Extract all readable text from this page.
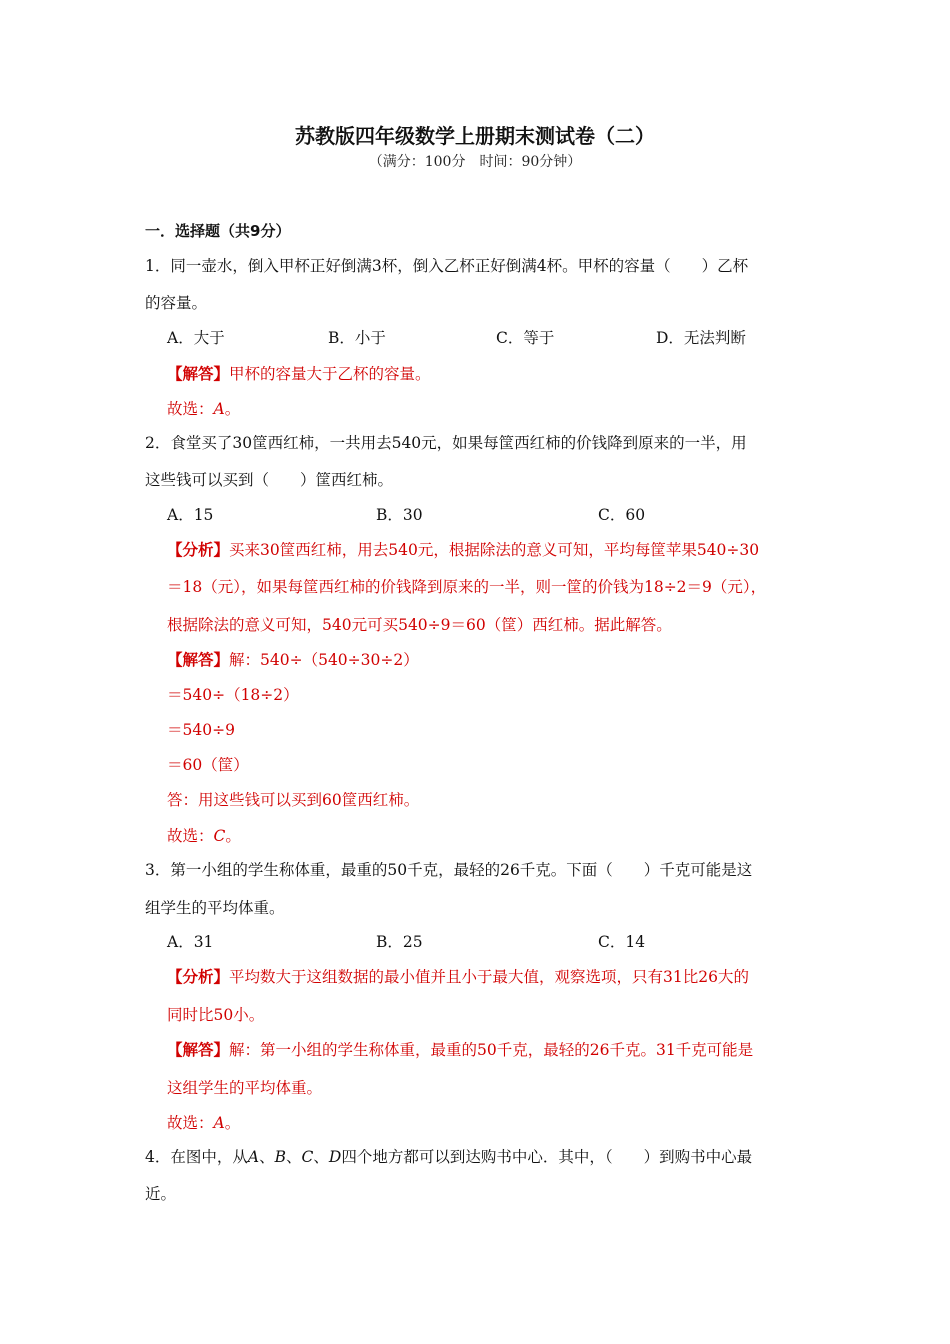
苏教版四年级数学上册期末测试卷（二）
（满分：100分　时间：90分钟）
一．选择题（共9分）
1．同一壶水，倒入甲杯正好倒满3杯，倒入乙杯正好倒满4杯。甲杯的容量（　　）乙杯
的容量。
A．大于	B．小于	C．等于	D．无法判断
【解答】甲杯的容量大于乙杯的容量。
故选：A。
2．食堂买了30筐西红柿，一共用去540元，如果每筐西红柿的价钱降到原来的一半，用
这些钱可以买到（　　）筐西红柿。
A．15	B．30	C．60
【分析】买来30筐西红柿，用去540元，根据除法的意义可知，平均每筐苹果540÷30
＝18（元），如果每筐西红柿的价钱降到原来的一半，则一筐的价钱为18÷2＝9（元），
根据除法的意义可知，540元可买540÷9＝60（筐）西红柿。据此解答。
【解答】解：540÷（540÷30÷2）
＝540÷（18÷2）
＝540÷9
＝60（筐）
答：用这些钱可以买到60筐西红柿。
故选：C。
3．第一小组的学生称体重，最重的50千克，最轻的26千克。下面（　　）千克可能是这
组学生的平均体重。
A．31	B．25	C．14
【分析】平均数大于这组数据的最小值并且小于最大值，观察选项，只有31比26大的
同时比50小。
【解答】解：第一小组的学生称体重，最重的50千克，最轻的26千克。31千克可能是
这组学生的平均体重。
故选：A。
4．在图中，从A、B、C、D四个地方都可以到达购书中心．其中，（　　）到购书中心最
近。
